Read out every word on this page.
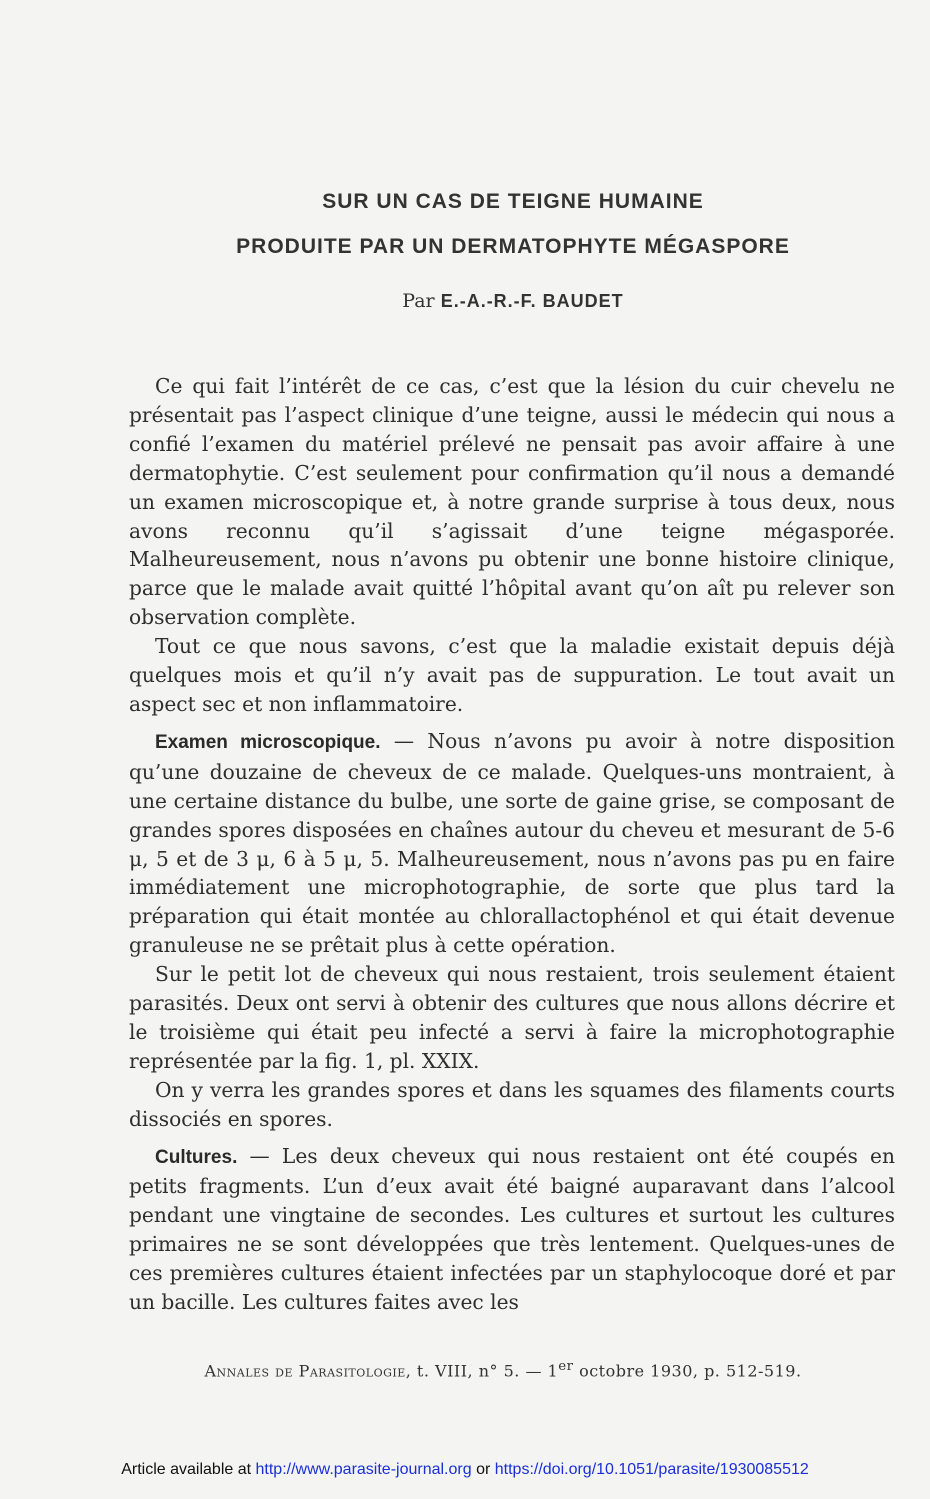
SUR UN CAS DE TEIGNE HUMAINE
PRODUITE PAR UN DERMATOPHYTE MÉGASPORE
Par E.-A.-R.-F. BAUDET

Ce qui fait l’intérêt de ce cas, c’est que la lésion du cuir chevelu ne présentait pas l’aspect clinique d’une teigne, aussi le médecin qui nous a confié l’examen du matériel prélevé ne pensait pas avoir affaire à une dermatophytie. C’est seulement pour confirmation qu’il nous a demandé un examen microscopique et, à notre grande surprise à tous deux, nous avons reconnu qu’il s’agissait d’une teigne mégasporée. Malheureusement, nous n’avons pu obtenir une bonne histoire clinique, parce que le malade avait quitté l’hôpital avant qu’on aît pu relever son observation complète.

Tout ce que nous savons, c’est que la maladie existait depuis déjà quelques mois et qu’il n’y avait pas de suppuration. Le tout avait un aspect sec et non inflammatoire.

Examen microscopique. — Nous n’avons pu avoir à notre disposition qu’une douzaine de cheveux de ce malade. Quelques-uns montraient, à une certaine distance du bulbe, une sorte de gaine grise, se composant de grandes spores disposées en chaînes autour du cheveu et mesurant de 5-6 μ, 5 et de 3 μ, 6 à 5 μ, 5. Malheureusement, nous n’avons pas pu en faire immédiatement une microphotographie, de sorte que plus tard la préparation qui était montée au chlorallactophénol et qui était devenue granuleuse ne se prêtait plus à cette opération.

Sur le petit lot de cheveux qui nous restaient, trois seulement étaient parasités. Deux ont servi à obtenir des cultures que nous allons décrire et le troisième qui était peu infecté a servi à faire la microphotographie représentée par la fig. 1, pl. XXIX.

On y verra les grandes spores et dans les squames des filaments courts dissociés en spores.

Cultures. — Les deux cheveux qui nous restaient ont été coupés en petits fragments. L’un d’eux avait été baigné auparavant dans l’alcool pendant une vingtaine de secondes. Les cultures et surtout les cultures primaires ne se sont développées que très lentement. Quelques-unes de ces premières cultures étaient infectées par un staphylocoque doré et par un bacille. Les cultures faites avec les

Annales de Parasitologie, t. VIII, n° 5. — 1er octobre 1930, p. 512-519.
Article available at http://www.parasite-journal.org or https://doi.org/10.1051/parasite/1930085512
